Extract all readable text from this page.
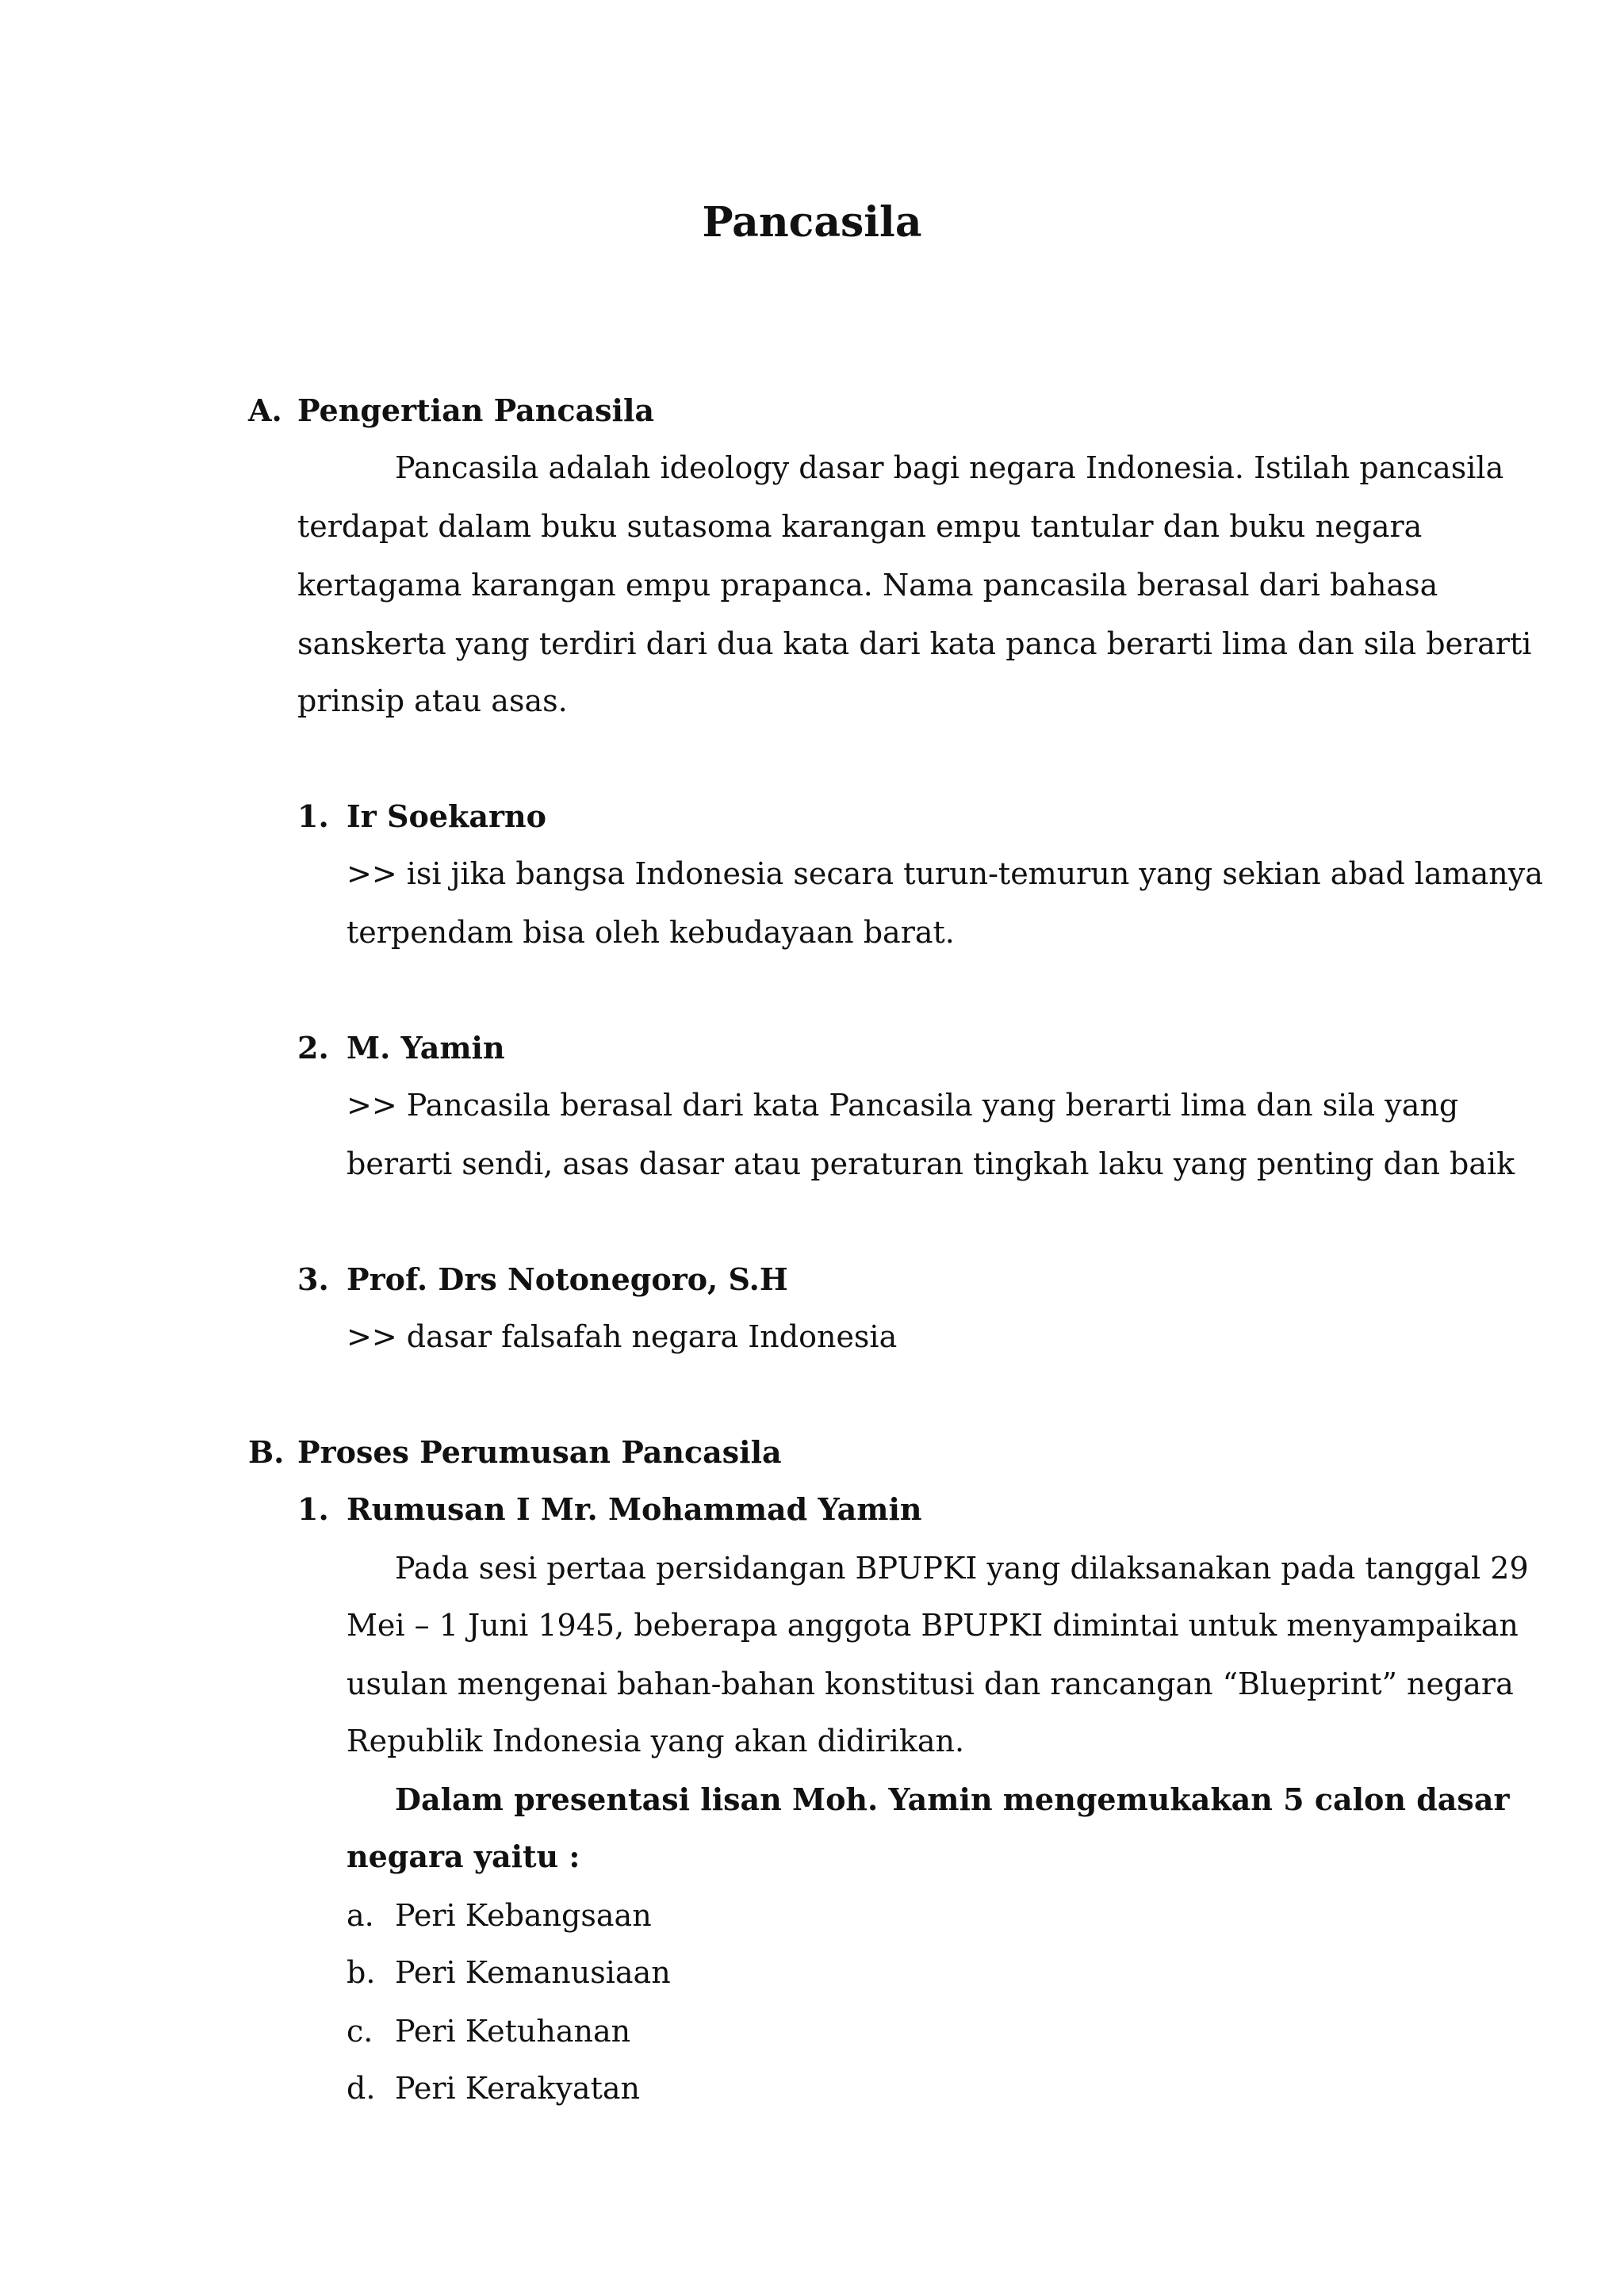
Pancasila
A. Pengertian Pancasila
Pancasila adalah ideology dasar bagi negara Indonesia. Istilah pancasila
terdapat dalam buku sutasoma karangan empu tantular dan buku negara
kertagama karangan empu prapanca. Nama pancasila berasal dari bahasa
sanskerta yang terdiri dari dua kata dari kata panca berarti lima dan sila berarti
prinsip atau asas.
1. Ir Soekarno
>> isi jika bangsa Indonesia secara turun-temurun yang sekian abad lamanya
terpendam bisa oleh kebudayaan barat.
2. M. Yamin
>> Pancasila berasal dari kata Pancasila yang berarti lima dan sila yang
berarti sendi, asas dasar atau peraturan tingkah laku yang penting dan baik
3. Prof. Drs Notonegoro, S.H
>> dasar falsafah negara Indonesia
B. Proses Perumusan Pancasila
1. Rumusan I Mr. Mohammad Yamin
Pada sesi pertaa persidangan BPUPKI yang dilaksanakan pada tanggal 29
Mei – 1 Juni 1945, beberapa anggota BPUPKI dimintai untuk menyampaikan
usulan mengenai bahan-bahan konstitusi dan rancangan “Blueprint” negara
Republik Indonesia yang akan didirikan.
Dalam presentasi lisan Moh. Yamin mengemukakan 5 calon dasar
negara yaitu :
a. Peri Kebangsaan
b. Peri Kemanusiaan
c. Peri Ketuhanan
d. Peri Kerakyatan
